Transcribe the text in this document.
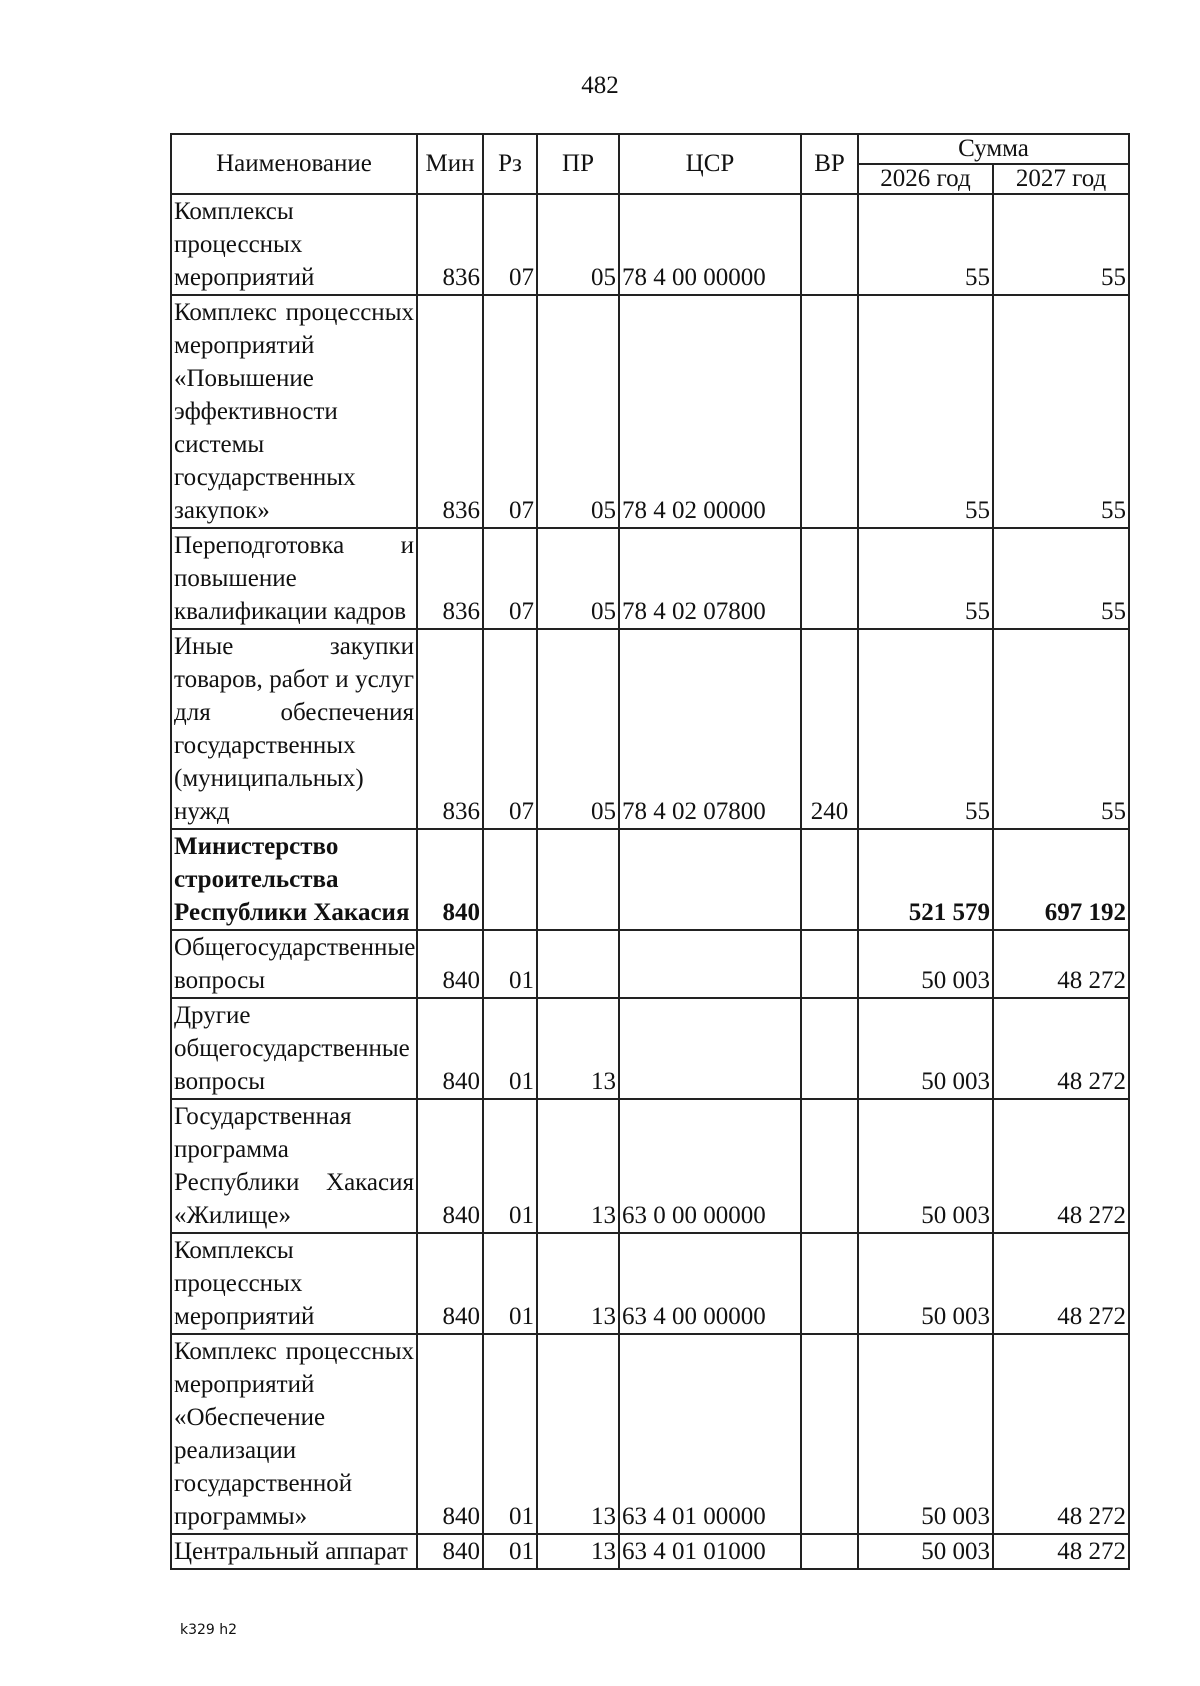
482
Наименование	Мин	Рз	ПР	ЦСР	ВР	Сумма	
						2026 год	2027 год
Комплексы процессных мероприятий	836	07	05	78 4 00 00000		55	55
Комплекс процессных мероприятий «Повышение эффективности системы государственных закупок»	836	07	05	78 4 02 00000		55	55
Переподготовка и повышение квалификации кадров	836	07	05	78 4 02 07800		55	55
Иные закупки товаров, работ и услуг для обеспечения государственных (муниципальных) нужд	836	07	05	78 4 02 07800	240	55	55
Министерство строительства Республики Хакасия	840					521 579	697 192
Общегосударственные вопросы	840	01				50 003	48 272
Другие общегосударственные вопросы	840	01	13			50 003	48 272
Государственная программа Республики Хакасия «Жилище»	840	01	13	63 0 00 00000		50 003	48 272
Комплексы процессных мероприятий	840	01	13	63 4 00 00000		50 003	48 272
Комплекс процессных мероприятий «Обеспечение реализации государственной программы»	840	01	13	63 4 01 00000		50 003	48 272
Центральный аппарат	840	01	13	63 4 01 01000		50 003	48 272
k329 h2
